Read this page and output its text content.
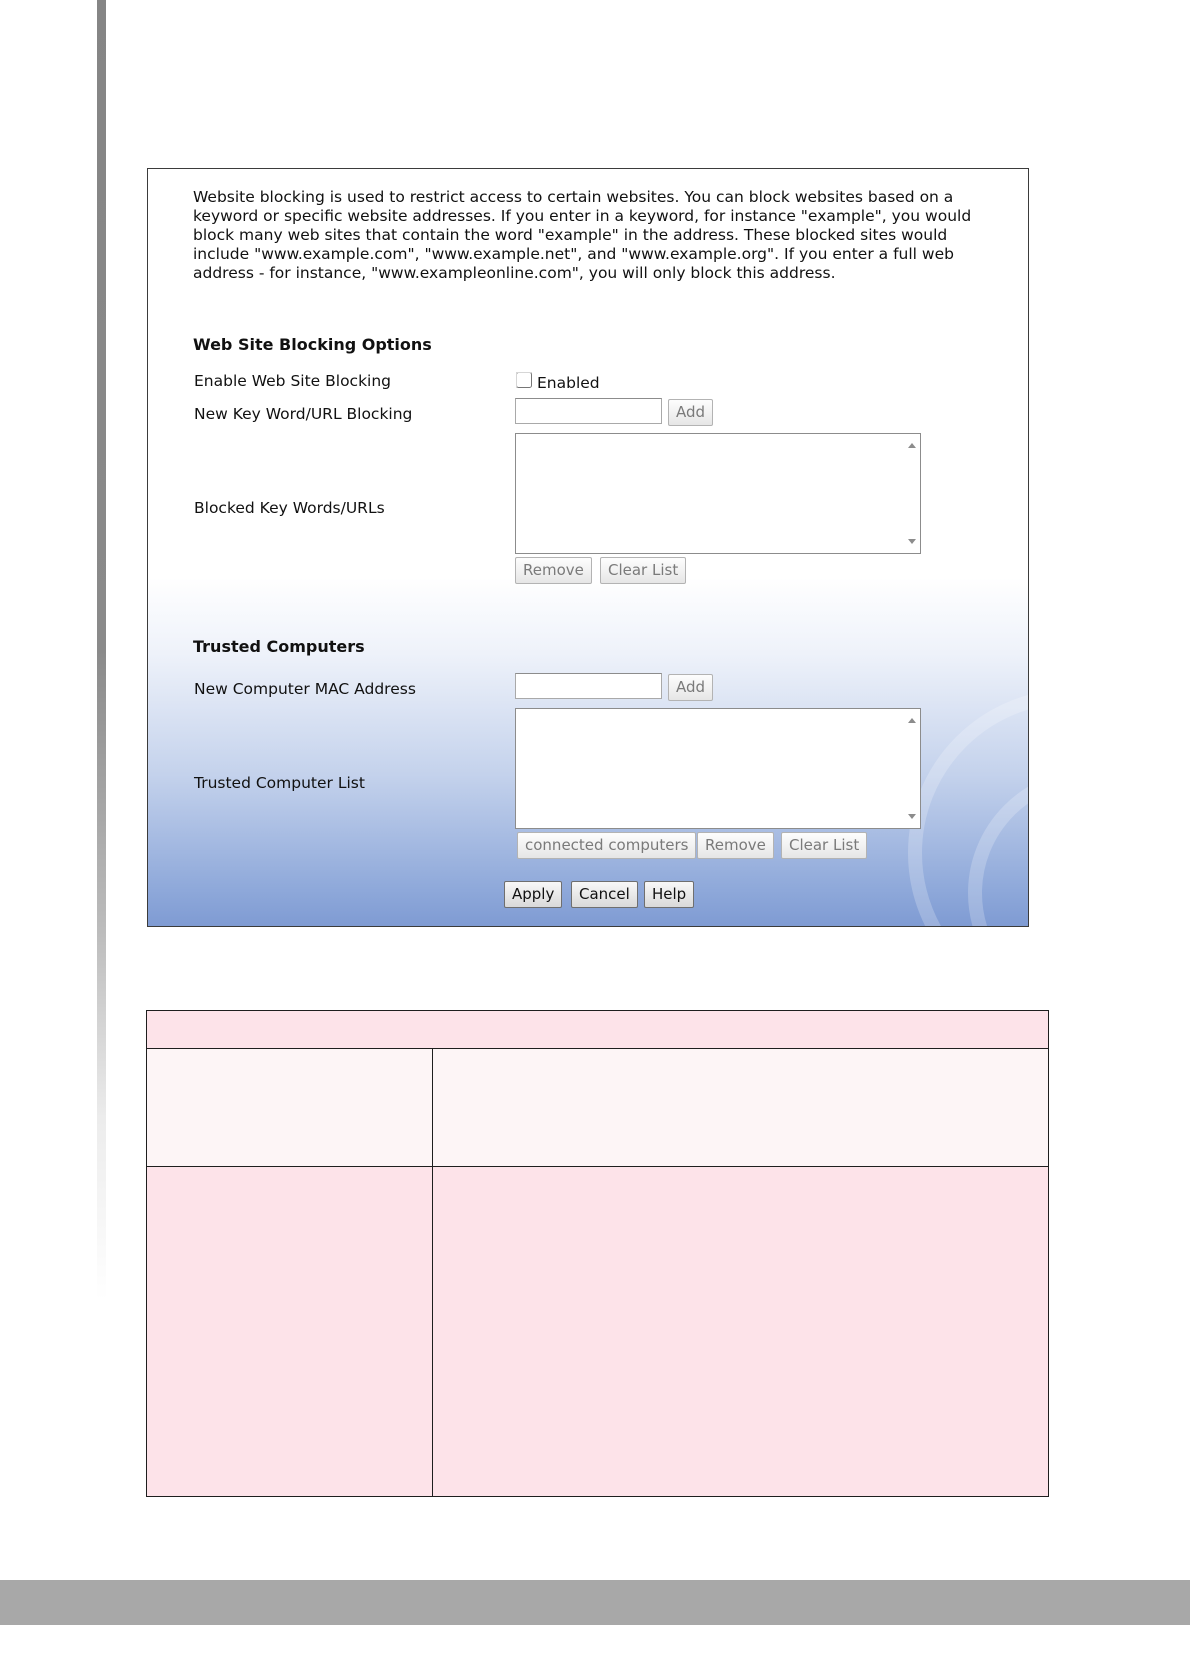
Website blocking is used to restrict access to certain websites. You can block websites based on a keyword or specific website addresses. If you enter in a keyword, for instance "example", you would block many web sites that contain the word "example" in the address. These blocked sites would include "www.example.com", "www.example.net", and "www.example.org". If you enter a full web address - for instance, "www.exampleonline.com", you will only block this address.

Web Site Blocking Options
Enable Web Site Blocking	Enabled
New Key Word/URL Blocking	Add
Blocked Key Words/URLs
Remove	Clear List
Trusted Computers
New Computer MAC Address	Add
Trusted Computer List
connected computers	Remove	Clear List
Apply	Cancel	Help
